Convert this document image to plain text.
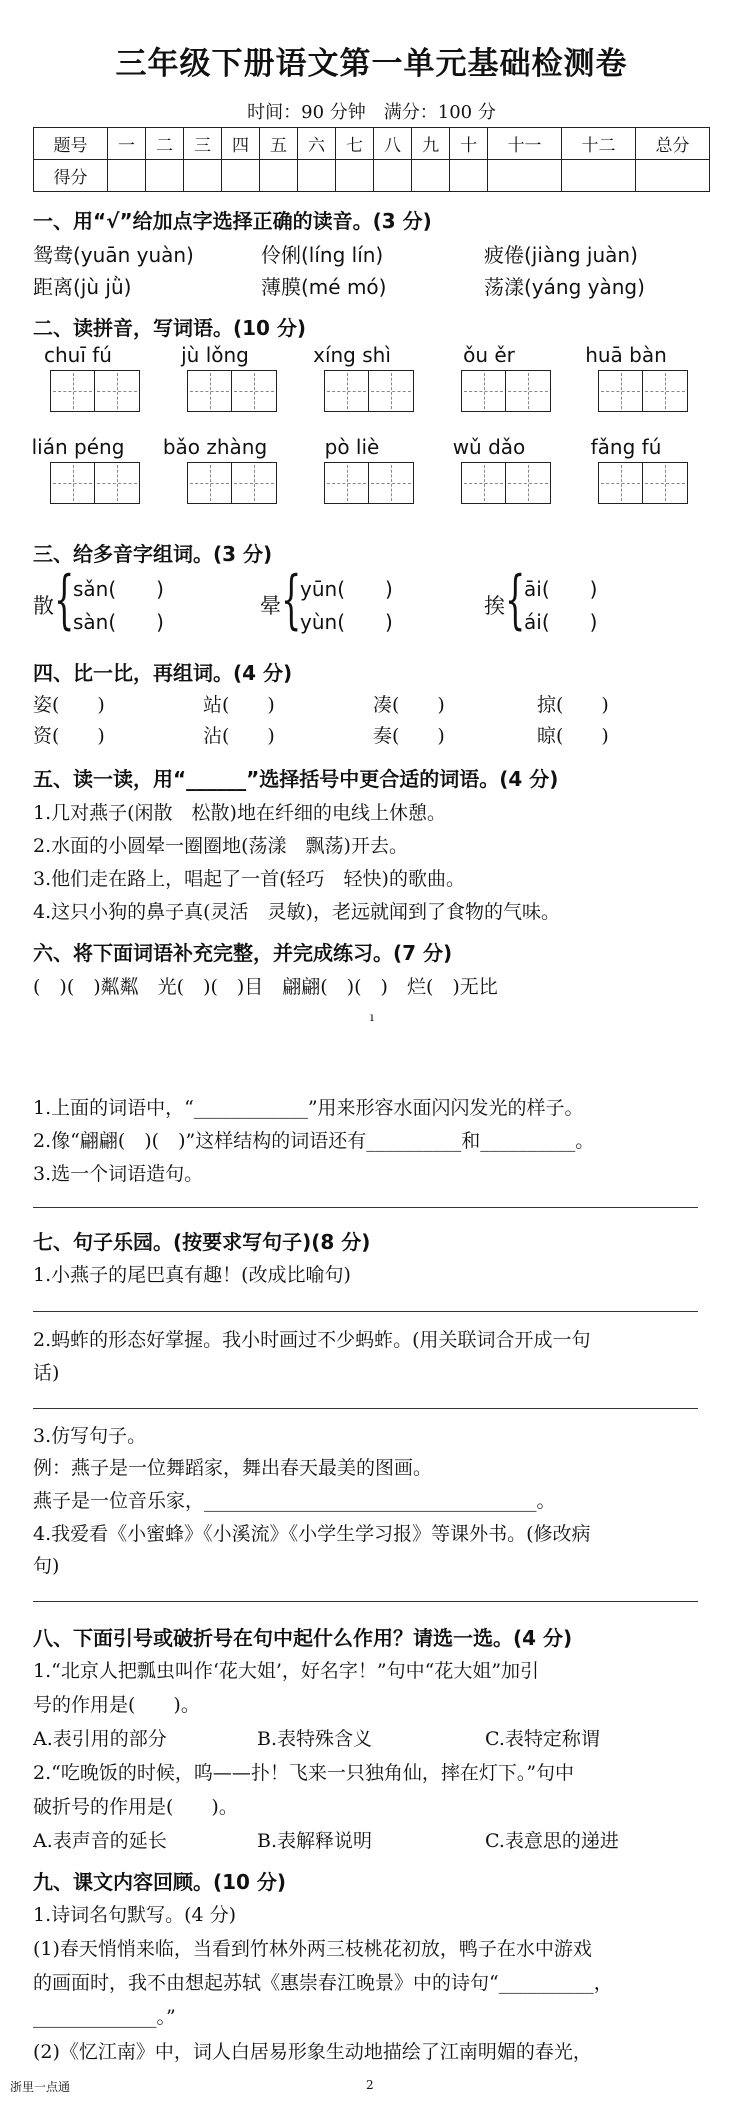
三年级下册语文第一单元基础检测卷
时间：90 分钟　满分：100 分
题号	一	二	三	四	五	六	七	八	九	十	十一	十二	总分
得分													
一、用“√”给加点字选择正确的读音。(3 分)
鸳鸯(yuān yuàn)	伶俐(líng lín)	疲倦(jiàng juàn)
距离(jù jǜ)	薄膜(mé mó)	荡漾(yáng yàng)
二、读拼音，写词语。(10 分)
chuī fú	jù lǒng	xíng shì	ǒu ěr	huā bàn
lián péng	bǎo zhàng	pò liè	wǔ dǎo	fǎng fú
三、给多音字组词。(3 分)
散 {
sǎn(　　)
sàn(　　)
晕 {
yūn(　　)
yùn(　　)
挨 {
āi(　　)
ái(　　)
四、比一比，再组词。(4 分)
姿(　　)	站(　　)	凑(　　)	掠(　　)
资(　　)	沾(　　)	奏(　　)	晾(　　)
五、读一读，用“______”选择括号中更合适的词语。(4 分)
1.几对燕子(闲散　松散)地在纤细的电线上休憩。
2.水面的小圆晕一圈圈地(荡漾　飘荡)开去。
3.他们走在路上，唱起了一首(轻巧　轻快)的歌曲。
4.这只小狗的鼻子真(灵活　灵敏)，老远就闻到了食物的气味。
六、将下面词语补充完整，并完成练习。(7 分)
(　)(　)粼粼　光(　)(　)目　翩翩(　)(　)　烂(　)无比
ı
1.上面的词语中，“____________”用来形容水面闪闪发光的样子。
2.像“翩翩(　)(　)”这样结构的词语还有__________和__________。
3.选一个词语造句。
七、句子乐园。(按要求写句子)(8 分)
1.小燕子的尾巴真有趣！(改成比喻句)
2.蚂蚱的形态好掌握。我小时画过不少蚂蚱。(用关联词合开成一句
话)
3.仿写句子。
例：燕子是一位舞蹈家，舞出春天最美的图画。
燕子是一位音乐家，___________________________________。
4.我爱看《小蜜蜂》《小溪流》《小学生学习报》等课外书。(修改病
句)
八、下面引号或破折号在句中起什么作用？请选一选。(4 分)
1.“北京人把瓢虫叫作‘花大姐’，好名字！”句中“花大姐”加引
号的作用是(　　)。
A.表引用的部分	B.表特殊含义	C.表特定称谓
2.“吃晚饭的时候，呜——扑！飞来一只独角仙，摔在灯下。”句中
破折号的作用是(　　)。
A.表声音的延长	B.表解释说明	C.表意思的递进
九、课文内容回顾。(10 分)
1.诗词名句默写。(4 分)
(1)春天悄悄来临，当看到竹林外两三枝桃花初放，鸭子在水中游戏
的画面时，我不由想起苏轼《惠崇春江晚景》中的诗句“__________，
_____________。”
(2)《忆江南》中，词人白居易形象生动地描绘了江南明媚的春光，
浙里一点通	2
